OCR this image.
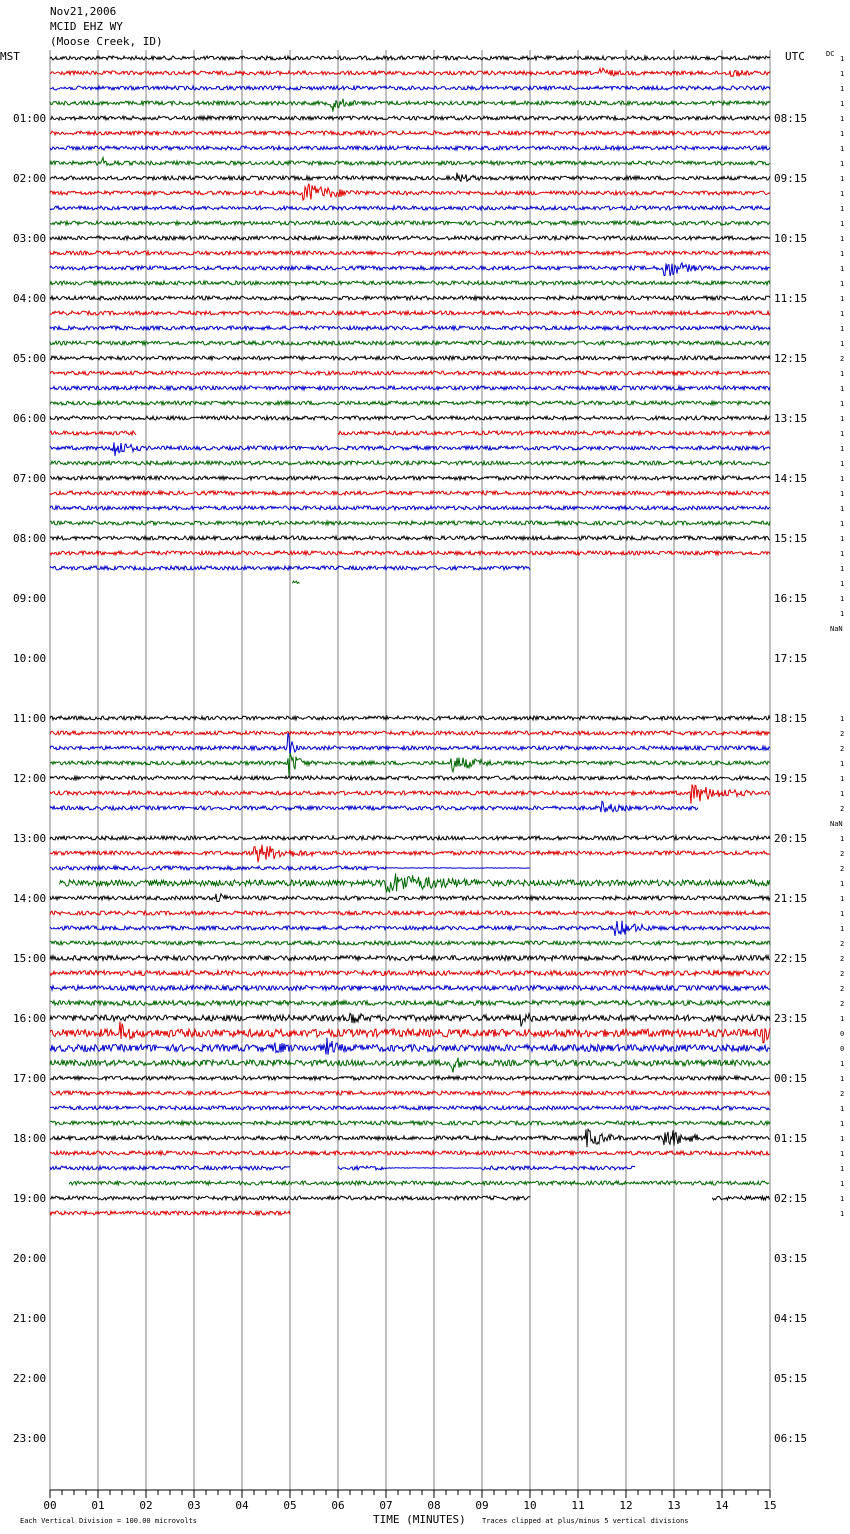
Nov21,2006
MCID EHZ WY
(Moose Creek, ID)
MST	UTC	DC
01:00
02:00
03:00
04:00
05:00
06:00
07:00
08:00
09:00
10:00
11:00
12:00
13:00
14:00
15:00
16:00
17:00
18:00
19:00
20:00
21:00
22:00
23:00
08:15
09:15
10:15
11:15
12:15
13:15
14:15
15:15
16:15
17:15
18:15
19:15
20:15
21:15
22:15
23:15
00:15
01:15
02:15
03:15
04:15
05:15
06:15
1
1
1
1
1
1
1
1
1
1
1
1
1
1
1
1
1
1
1
1
2
1
1
1
1
1
1
1
1
1
1
1
1
1
1
1
1
1
NaN
1
2
2
1
1
1
2
NaN
1
2
2
1
1
1
1
2
2
2
2
2
1
0
0
1
1
2
1
1
1
1
1
1
1
1
00	01	02	03	04	05	06	07	08	09	10	11	12	13	14	15
TIME (MINUTES)
Each Vertical Division = 100.00 microvolts	Traces clipped at plus/minus 5 vertical divisions
